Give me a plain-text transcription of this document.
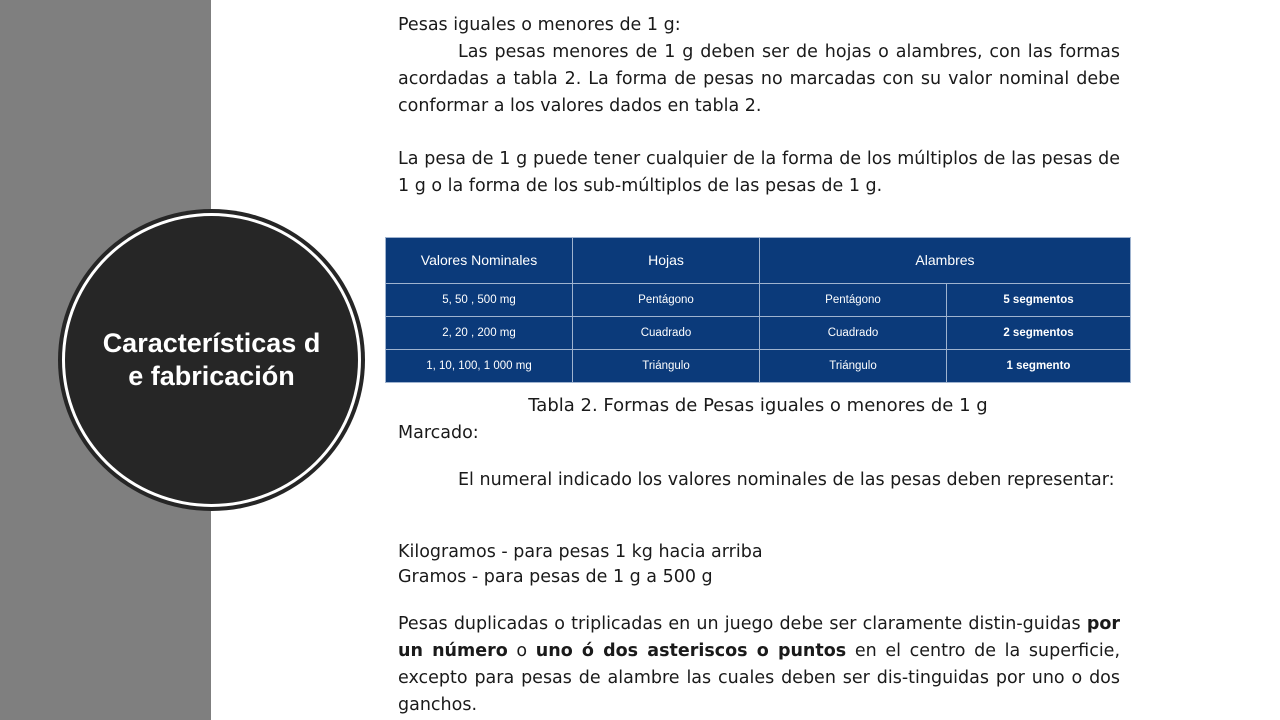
Características de fabricación

Pesas iguales o menores de 1 g:

Las pesas menores de 1 g deben ser de hojas o alambres, con las formas acordadas a tabla 2. La forma de pesas no marcadas con su valor nominal debe conformar a los valores dados en tabla 2.

La pesa de 1 g puede tener cualquier de la forma de los múltiplos de las pesas de 1 g o la forma de los sub-múltiplos de las pesas de 1 g.

Valores Nominales	Hojas	Alambres	
5, 50 , 500 mg	Pentágono	Pentágono	5 segmentos
2, 20 , 200 mg	Cuadrado	Cuadrado	2 segmentos
1, 10, 100, 1 000 mg	Triángulo	Triángulo	1 segmento

Tabla 2. Formas de Pesas iguales o menores de 1 g

Marcado:

El numeral indicado los valores nominales de las pesas deben representar:

Kilogramos - para pesas 1 kg hacia arriba

Gramos - para pesas de 1 g a 500 g

Pesas duplicadas o triplicadas en un juego debe ser claramente distin-guidas por un número o uno ó dos asteriscos o puntos en el centro de la superficie, excepto para pesas de alambre las cuales deben ser dis-tinguidas por uno o dos ganchos.
